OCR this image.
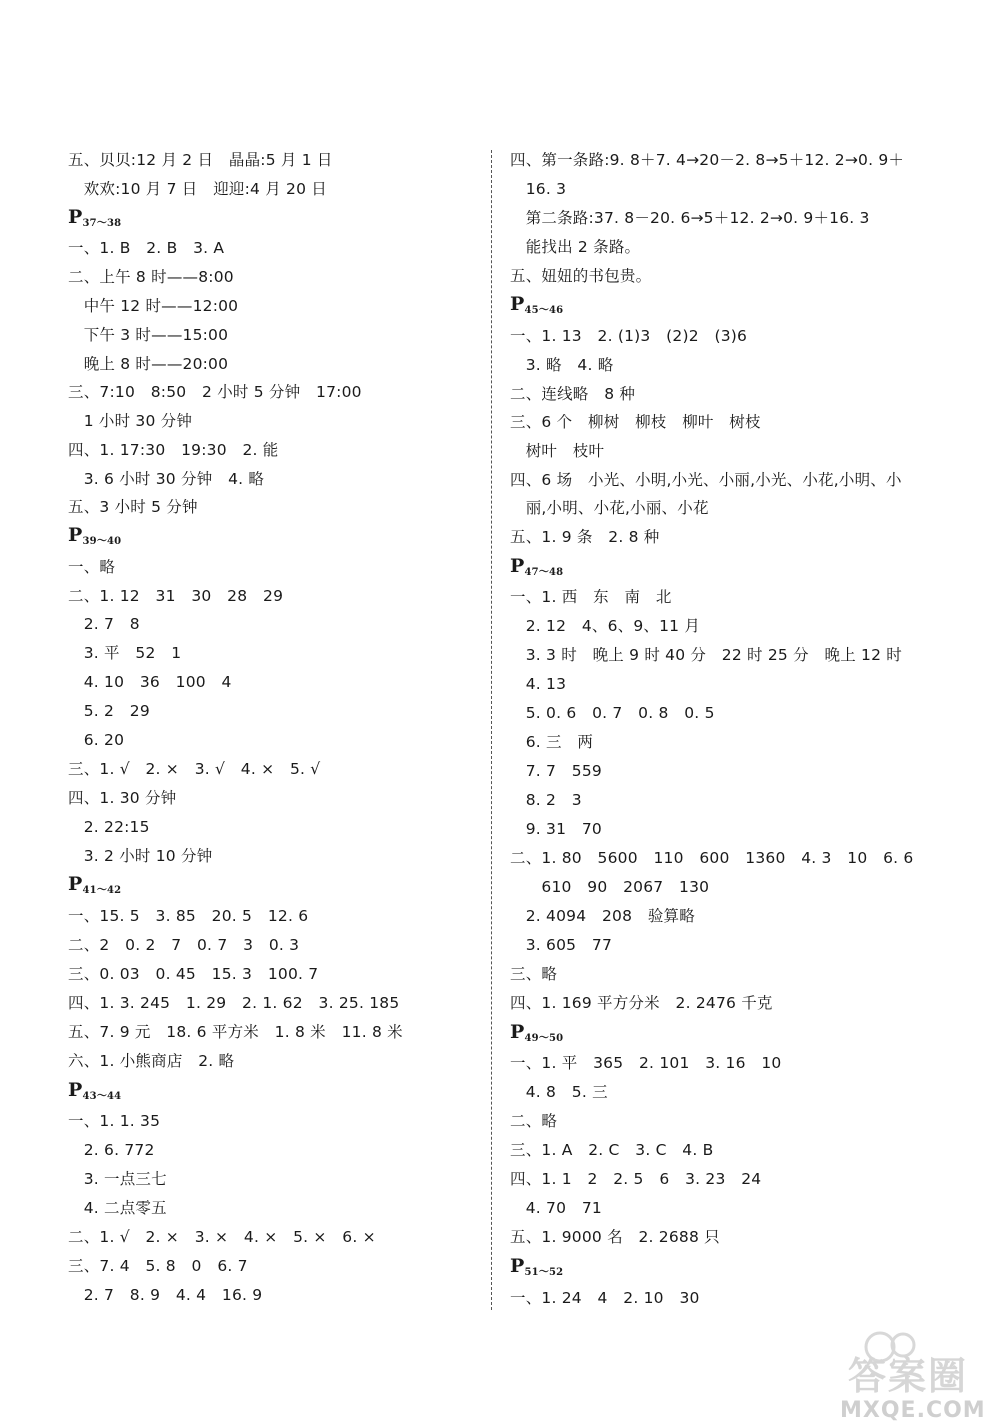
五、贝贝:12 月 2 日　晶晶:5 月 1 日
　欢欢:10 月 7 日　迎迎:4 月 20 日
$P_{37\sim 38}$
一、1. B　2. B　3. A
二、上午 8 时——8:00
　中午 12 时——12:00
　下午 3 时——15:00
　晚上 8 时——20:00
三、7:10　8:50　2 小时 5 分钟　17:00
　1 小时 30 分钟
四、1. 17:30　19:30　2. 能
　3. 6 小时 30 分钟　4. 略
五、3 小时 5 分钟
$P_{39\sim 40}$
一、略
二、1. 12　31　30　28　29
　2. 7　8
　3. 平　52　1
　4. 10　36　100　4
　5. 2　29
　6. 20
三、1. √　2. ×　3. √　4. ×　5. √
四、1. 30 分钟
　2. 22:15
　3. 2 小时 10 分钟
$P_{41\sim 42}$
一、15. 5　3. 85　20. 5　12. 6
二、2　0. 2　7　0. 7　3　0. 3
三、0. 03　0. 45　15. 3　100. 7
四、1. 3. 245　1. 29　2. 1. 62　3. 25. 185
五、7. 9 元　18. 6 平方米　1. 8 米　11. 8 米
六、1. 小熊商店　2. 略
$P_{43\sim 44}$
一、1. 1. 35
　2. 6. 772
　3. 一点三七
　4. 二点零五
二、1. √　2. ×　3. ×　4. ×　5. ×　6. ×
三、7. 4　5. 8　0　6. 7
　2. 7　8. 9　4. 4　16. 9
四、第一条路:9. 8＋7. 4→20－2. 8→5＋12. 2→0. 9＋
　16. 3
　第二条路:37. 8－20. 6→5＋12. 2→0. 9＋16. 3
　能找出 2 条路。
五、妞妞的书包贵。
$P_{45\sim 46}$
一、1. 13　2. (1)3　(2)2　(3)6
　3. 略　4. 略
二、连线略　8 种
三、6 个　柳树　柳枝　柳叶　树枝
　树叶　枝叶
四、6 场　小光、小明,小光、小丽,小光、小花,小明、小
　丽,小明、小花,小丽、小花
五、1. 9 条　2. 8 种
$P_{47\sim 48}$
一、1. 西　东　南　北
　2. 12　4、6、9、11 月
　3. 3 时　晚上 9 时 40 分　22 时 25 分　晚上 12 时
　4. 13
　5. 0. 6　0. 7　0. 8　0. 5
　6. 三　两
　7. 7　559
　8. 2　3
　9. 31　70
二、1. 80　5600　110　600　1360　4. 3　10　6. 6
　　610　90　2067　130
　2. 4094　208　验算略
　3. 605　77
三、略
四、1. 169 平方分米　2. 2476 千克
$P_{49\sim 50}$
一、1. 平　365　2. 101　3. 16　10
　4. 8　5. 三
二、略
三、1. A　2. C　3. C　4. B
四、1. 1　2　2. 5　6　3. 23　24
　4. 70　71
五、1. 9000 名　2. 2688 只
$P_{51\sim 52}$
一、1. 24　4　2. 10　30
答案圈
MXQE.COM
